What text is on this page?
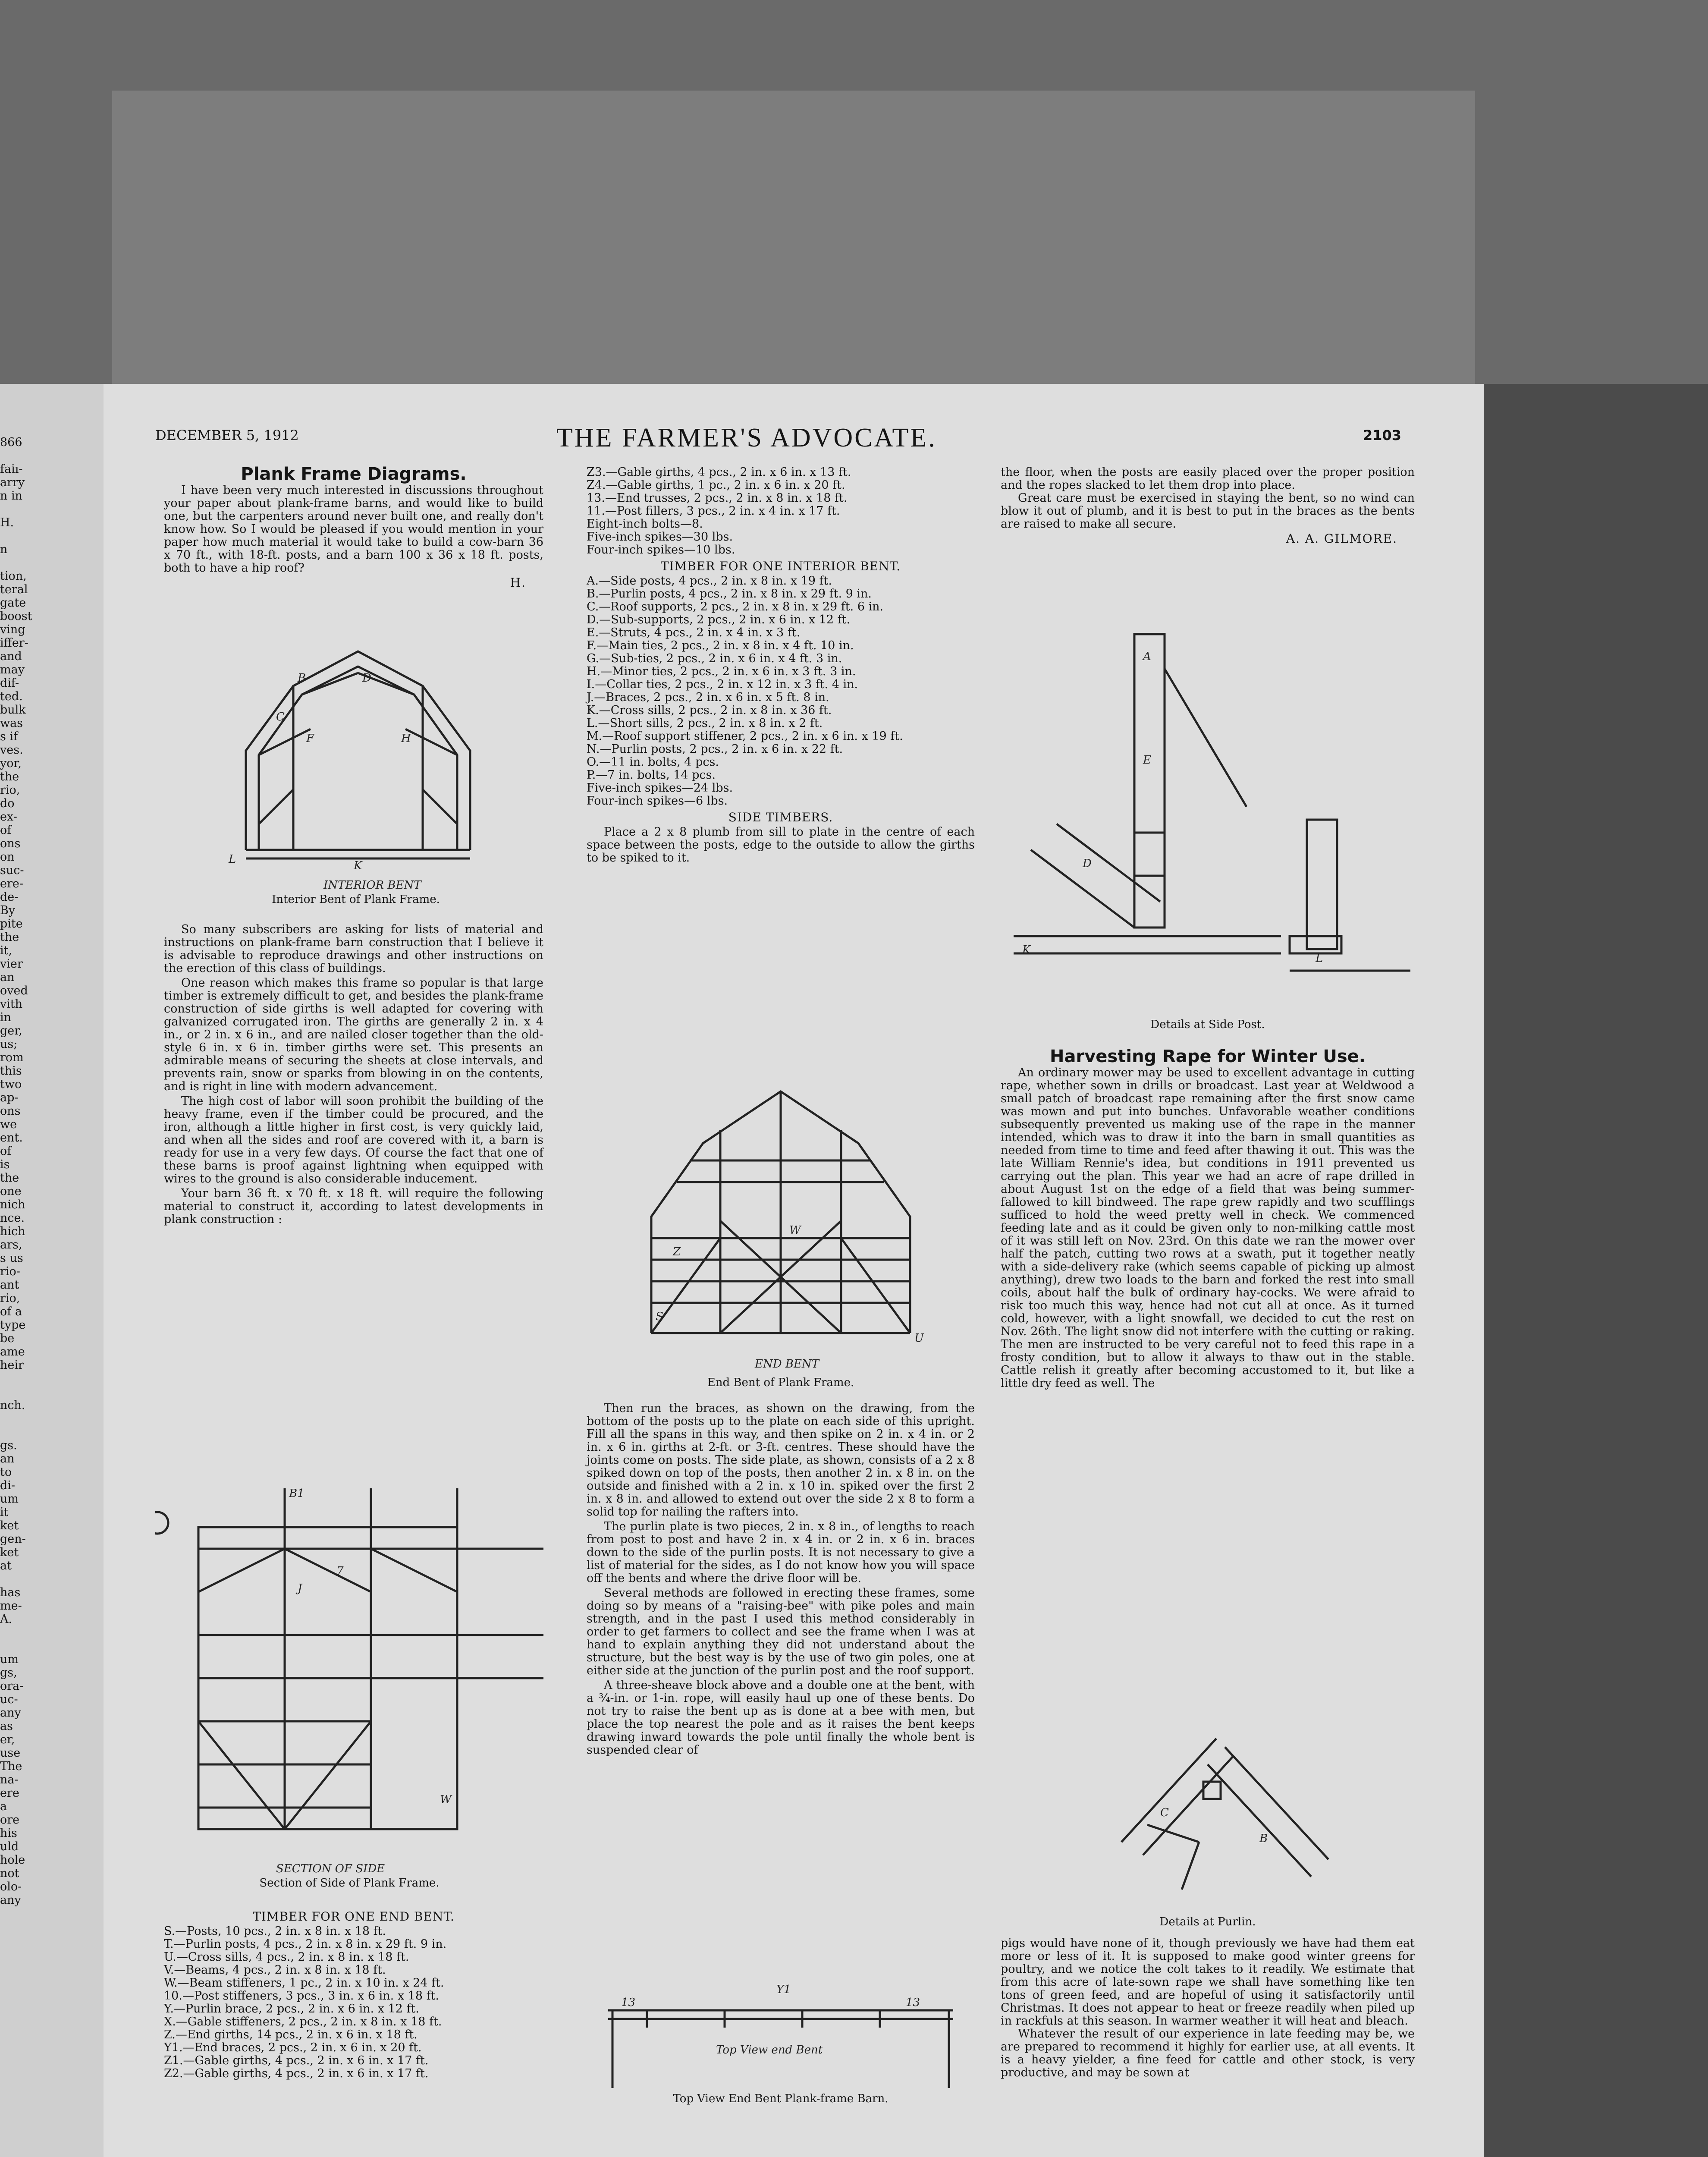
866
faiı-
arry
n in
H.
n
tion,
teral
gate
boost
ving
iffer-
and
may
dif-
ted.
bulk
was
s if
ves.
yor,
the
rio,
do
ex-
of
ons
on
suc-
ere-
de-
By
pite
the
it,
vier
an
oved
vith
in
ger,
us;
rom
this
two
ap-
ons
we
ent.
of
is
the
one
nich
nce.
hich
ars,
s us
rio-
ant
rio,
of a
type
be
ame
heir
nch.
gs.
an
to
di-
um
it
ket
gen-
ket
at
has
me-
A.
um
gs,
ora-
uc-
any
as
er,
use
The
na-
ere
a
ore
his
uld
hole
not
olo-
any
DECEMBER 5, 1912	THE FARMER'S ADVOCATE.	2103
Plank Frame Diagrams.

I have been very much interested in discussions throughout your paper about plank-frame barns, and would like to build one, but the carpenters around never built one, and really don't know how. So I would be pleased if you would mention in your paper how much material it would take to build a cow-barn 36 x 70 ft., with 18-ft. posts, and a barn 100 x 36 x 18 ft. posts, both to have a hip roof?

H.
B
C
D
F	H
K
L
INTERIOR BENT
Interior Bent of Plank Frame.

So many subscribers are asking for lists of material and instructions on plank-frame barn construction that I believe it is advisable to reproduce drawings and other instructions on the erection of this class of buildings.

One reason which makes this frame so popular is that large timber is extremely difficult to get, and besides the plank-frame construction of side girths is well adapted for covering with galvanized corrugated iron. The girths are generally 2 in. x 4 in., or 2 in. x 6 in., and are nailed closer together than the old-style 6 in. x 6 in. timber girths were set. This presents an admirable means of securing the sheets at close intervals, and prevents rain, snow or sparks from blowing in on the contents, and is right in line with modern advancement.

The high cost of labor will soon prohibit the building of the heavy frame, even if the timber could be procured, and the iron, although a little higher in first cost, is very quickly laid, and when all the sides and roof are covered with it, a barn is ready for use in a very few days. Of course the fact that one of these barns is proof against lightning when equipped with wires to the ground is also considerable inducement.

Your barn 36 ft. x 70 ft. x 18 ft. will require the following material to construct it, according to latest developments in plank construction :

B1
J
7
W
SECTION OF SIDE
Section of Side of Plank Frame.
TIMBER FOR ONE END BENT.
S.—Posts, 10 pcs., 2 in. x 8 in. x 18 ft.
T.—Purlin posts, 4 pcs., 2 in. x 8 in. x 29 ft. 9 in.
U.—Cross sills, 4 pcs., 2 in. x 8 in. x 18 ft.
V.—Beams, 4 pcs., 2 in. x 8 in. x 18 ft.
W.—Beam stiffeners, 1 pc., 2 in. x 10 in. x 24 ft.
10.—Post stiffeners, 3 pcs., 3 in. x 6 in. x 18 ft.
Y.—Purlin brace, 2 pcs., 2 in. x 6 in. x 12 ft.
X.—Gable stiffeners, 2 pcs., 2 in. x 8 in. x 18 ft.
Z.—End girths, 14 pcs., 2 in. x 6 in. x 18 ft.
Y1.—End braces, 2 pcs., 2 in. x 6 in. x 20 ft.
Z1.—Gable girths, 4 pcs., 2 in. x 6 in. x 17 ft.
Z2.—Gable girths, 4 pcs., 2 in. x 6 in. x 17 ft.
Z3.—Gable girths, 4 pcs., 2 in. x 6 in. x 13 ft.
Z4.—Gable girths, 1 pc., 2 in. x 6 in. x 20 ft.
13.—End trusses, 2 pcs., 2 in. x 8 in. x 18 ft.
11.—Post fillers, 3 pcs., 2 in. x 4 in. x 17 ft.
Eight-inch bolts—8.
Five-inch spikes—30 lbs.
Four-inch spikes—10 lbs.
TIMBER FOR ONE INTERIOR BENT.
A.—Side posts, 4 pcs., 2 in. x 8 in. x 19 ft.
B.—Purlin posts, 4 pcs., 2 in. x 8 in. x 29 ft. 9 in.
C.—Roof supports, 2 pcs., 2 in. x 8 in. x 29 ft. 6 in.
D.—Sub-supports, 2 pcs., 2 in. x 6 in. x 12 ft.
E.—Struts, 4 pcs., 2 in. x 4 in. x 3 ft.
F.—Main ties, 2 pcs., 2 in. x 8 in. x 4 ft. 10 in.
G.—Sub-ties, 2 pcs., 2 in. x 6 in. x 4 ft. 3 in.
H.—Minor ties, 2 pcs., 2 in. x 6 in. x 3 ft. 3 in.
I.—Collar ties, 2 pcs., 2 in. x 12 in. x 3 ft. 4 in.
J.—Braces, 2 pcs., 2 in. x 6 in. x 5 ft. 8 in.
K.—Cross sills, 2 pcs., 2 in. x 8 in. x 36 ft.
L.—Short sills, 2 pcs., 2 in. x 8 in. x 2 ft.
M.—Roof support stiffener, 2 pcs., 2 in. x 6 in. x 19 ft.
N.—Purlin posts, 2 pcs., 2 in. x 6 in. x 22 ft.
O.—11 in. bolts, 4 pcs.
P.—7 in. bolts, 14 pcs.
Five-inch spikes—24 lbs.
Four-inch spikes—6 lbs.
SIDE TIMBERS.

Place a 2 x 8 plumb from sill to plate in the centre of each space between the posts, edge to the outside to allow the girths to be spiked to it.

Z
W
S
U
END BENT
End Bent of Plank Frame.

Then run the braces, as shown on the drawing, from the bottom of the posts up to the plate on each side of this upright. Fill all the spans in this way, and then spike on 2 in. x 4 in. or 2 in. x 6 in. girths at 2-ft. or 3-ft. centres. These should have the joints come on posts. The side plate, as shown, consists of a 2 x 8 spiked down on top of the posts, then another 2 in. x 8 in. on the outside and finished with a 2 in. x 10 in. spiked over the first 2 in. x 8 in. and allowed to extend out over the side 2 x 8 to form a solid top for nailing the rafters into.

The purlin plate is two pieces, 2 in. x 8 in., of lengths to reach from post to post and have 2 in. x 4 in. or 2 in. x 6 in. braces down to the side of the purlin posts. It is not necessary to give a list of material for the sides, as I do not know how you will space off the bents and where the drive floor will be.

Several methods are followed in erecting these frames, some doing so by means of a "raising-bee" with pike poles and main strength, and in the past I used this method considerably in order to get farmers to collect and see the frame when I was at hand to explain anything they did not understand about the structure, but the best way is by the use of two gin poles, one at either side at the junction of the purlin post and the roof support.

A three-sheave block above and a double one at the bent, with a ¾-in. or 1-in. rope, will easily haul up one of these bents. Do not try to raise the bent up as is done at a bee with men, but place the top nearest the pole and as it raises the bent keeps drawing inward towards the pole until finally the whole bent is suspended clear of

Y1
13	13
Top View end Bent
Top View End Bent Plank-frame Barn.

the floor, when the posts are easily placed over the proper position and the ropes slacked to let them drop into place.

Great care must be exercised in staying the bent, so no wind can blow it out of plumb, and it is best to put in the braces as the bents are raised to make all secure.

A. A. GILMORE.
A
E
D
K
L
Details at Side Post.
Harvesting Rape for Winter Use.

An ordinary mower may be used to excellent advantage in cutting rape, whether sown in drills or broadcast. Last year at Weldwood a small patch of broadcast rape remaining after the first snow came was mown and put into bunches. Unfavorable weather conditions subsequently prevented us making use of the rape in the manner intended, which was to draw it into the barn in small quantities as needed from time to time and feed after thawing it out. This was the late William Rennie's idea, but conditions in 1911 prevented us carrying out the plan. This year we had an acre of rape drilled in about August 1st on the edge of a field that was being summer-fallowed to kill bindweed. The rape grew rapidly and two scufflings sufficed to hold the weed pretty well in check. We commenced feeding late and as it could be given only to non-milking cattle most of it was still left on Nov. 23rd. On this date we ran the mower over half the patch, cutting two rows at a swath, put it together neatly with a side-delivery rake (which seems capable of picking up almost anything), drew two loads to the barn and forked the rest into small coils, about half the bulk of ordinary hay-cocks. We were afraid to risk too much this way, hence had not cut all at once. As it turned cold, however, with a light snowfall, we decided to cut the rest on Nov. 26th. The light snow did not interfere with the cutting or raking. The men are instructed to be very careful not to feed this rape in a frosty condition, but to allow it always to thaw out in the stable. Cattle relish it greatly after becoming accustomed to it, but like a little dry feed as well. The

B
C
Details at Purlin.

pigs would have none of it, though previously we have had them eat more or less of it. It is supposed to make good winter greens for poultry, and we notice the colt takes to it readily. We estimate that from this acre of late-sown rape we shall have something like ten tons of green feed, and are hopeful of using it satisfactorily until Christmas. It does not appear to heat or freeze readily when piled up in rackfuls at this season. In warmer weather it will heat and bleach.

Whatever the result of our experience in late feeding may be, we are prepared to recommend it highly for earlier use, at all events. It is a heavy yielder, a fine feed for cattle and other stock, is very productive, and may be sown at
